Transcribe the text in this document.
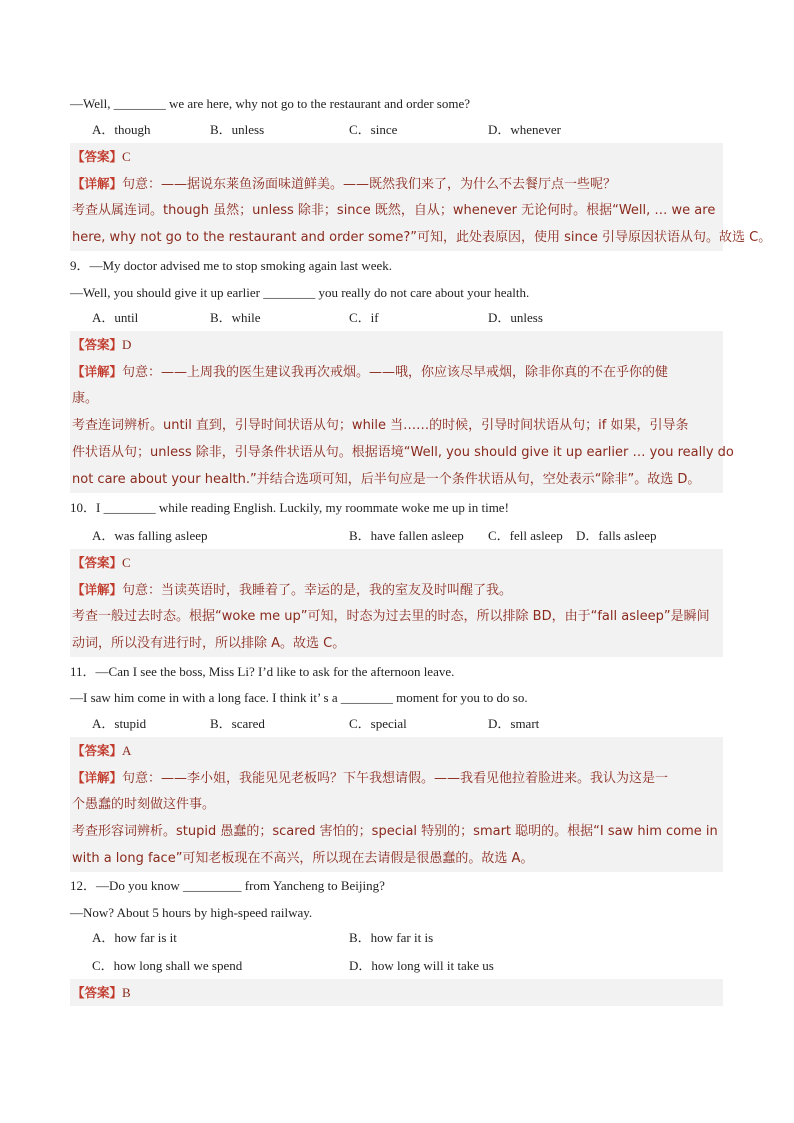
—Well, ________ we are here, why not go to the restaurant and order some?
A．though	B．unless	C．since	D．whenever
【答案】C
【详解】句意：——据说东莱鱼汤面味道鲜美。——既然我们来了，为什么不去餐厅点一些呢？
考查从属连词。though 虽然；unless 除非；since 既然，自从；whenever 无论何时。根据“Well, … we are
here, why not go to the restaurant and order some?”可知，此处表原因，使用 since 引导原因状语从句。故选 C。
9．—My doctor advised me to stop smoking again last week.
—Well, you should give it up earlier ________ you really do not care about your health.
A．until	B．while	C．if	D．unless
【答案】D
【详解】句意：——上周我的医生建议我再次戒烟。——哦，你应该尽早戒烟，除非你真的不在乎你的健
康。
考查连词辨析。until 直到，引导时间状语从句；while 当……的时候，引导时间状语从句；if 如果，引导条
件状语从句；unless 除非，引导条件状语从句。根据语境“Well, you should give it up earlier … you really do
not care about your health.”并结合选项可知，后半句应是一个条件状语从句，空处表示“除非”。故选 D。
10．I ________ while reading English. Luckily, my roommate woke me up in time!
A．was falling asleep	B．have fallen asleep C．fell asleep D．falls asleep
【答案】C
【详解】句意：当读英语时，我睡着了。幸运的是，我的室友及时叫醒了我。
考查一般过去时态。根据“woke me up”可知，时态为过去里的时态，所以排除 BD，由于“fall asleep”是瞬间
动词，所以没有进行时，所以排除 A。故选 C。
11．—Can I see the boss, Miss Li? I’d like to ask for the afternoon leave.
—I saw him come in with a long face. I think it’ s a ________ moment for you to do so.
A．stupid	B．scared	C．special	D．smart
【答案】A
【详解】句意：——李小姐，我能见见老板吗？下午我想请假。——我看见他拉着脸进来。我认为这是一
个愚蠢的时刻做这件事。
考查形容词辨析。stupid 愚蠢的；scared 害怕的；special 特别的；smart 聪明的。根据“I saw him come in
with a long face”可知老板现在不高兴，所以现在去请假是很愚蠢的。故选 A。
12．—Do you know _________ from Yancheng to Beijing?
—Now? About 5 hours by high-speed railway.
A．how far is it	B．how far it is
C．how long shall we spend	D．how long will it take us
【答案】B
